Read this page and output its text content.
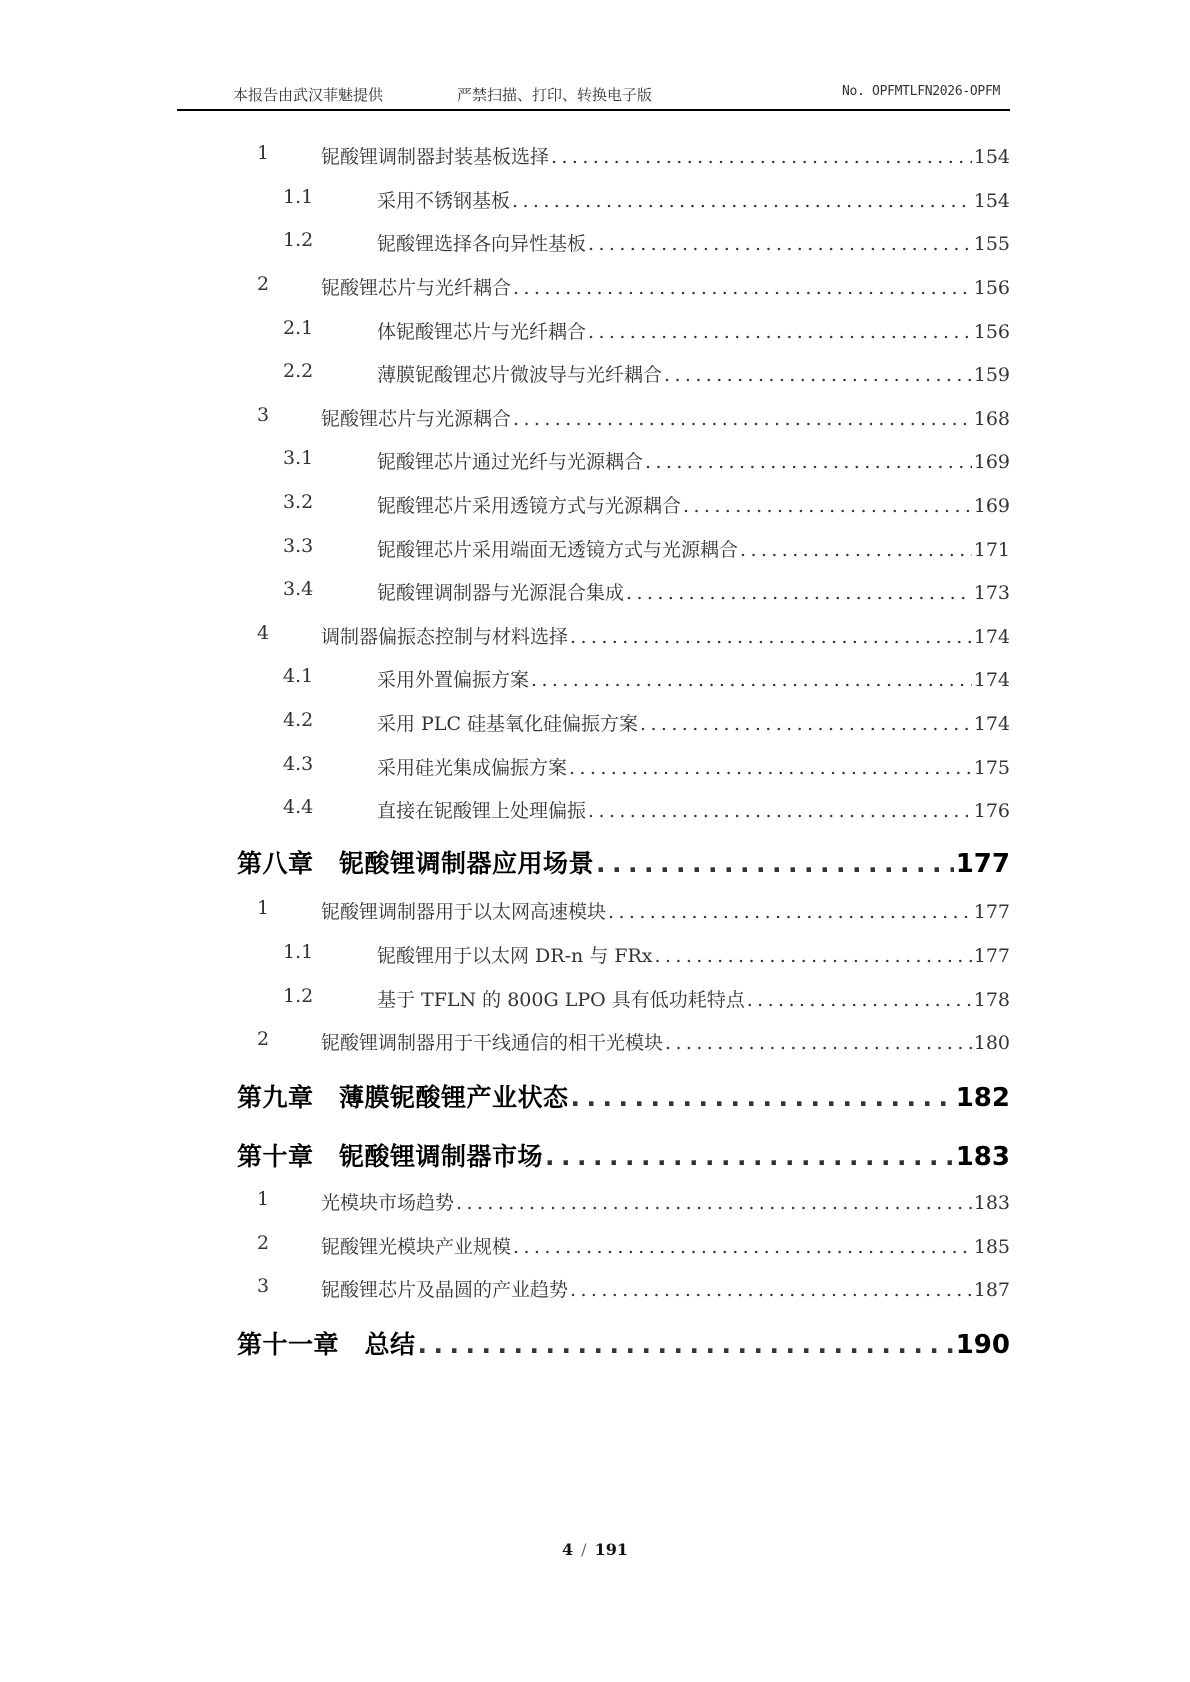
本报告由武汉菲魅提供	严禁扫描、打印、转换电子版	No. OPFMTLFN2026-OPFM
1	铌酸锂调制器封装基板选择 .....	154
1.1	采用不锈钢基板 .....	154
1.2	铌酸锂选择各向异性基板 .....	155
2	铌酸锂芯片与光纤耦合 .....	156
2.1	体铌酸锂芯片与光纤耦合 .....	156
2.2	薄膜铌酸锂芯片微波导与光纤耦合 .....	159
3	铌酸锂芯片与光源耦合 .....	168
3.1	铌酸锂芯片通过光纤与光源耦合 .....	169
3.2	铌酸锂芯片采用透镜方式与光源耦合 .....	169
3.3	铌酸锂芯片采用端面无透镜方式与光源耦合 .....	171
3.4	铌酸锂调制器与光源混合集成 .....	173
4	调制器偏振态控制与材料选择 .....	174
4.1	采用外置偏振方案 .....	174
4.2	采用 PLC 硅基氧化硅偏振方案 .....	174
4.3	采用硅光集成偏振方案 .....	175
4.4	直接在铌酸锂上处理偏振 .....	176
第八章　铌酸锂调制器应用场景 .....	177
1	铌酸锂调制器用于以太网高速模块 .....	177
1.1	铌酸锂用于以太网 DR-n 与 FRx .....	177
1.2	基于 TFLN 的 800G LPO 具有低功耗特点 .....	178
2	铌酸锂调制器用于干线通信的相干光模块 .....	180
第九章　薄膜铌酸锂产业状态 .....	182
第十章　铌酸锂调制器市场 .....	183
1	光模块市场趋势 .....	183
2	铌酸锂光模块产业规模 .....	185
3	铌酸锂芯片及晶圆的产业趋势 .....	187
第十一章　总结 .....	190
4 / 191
